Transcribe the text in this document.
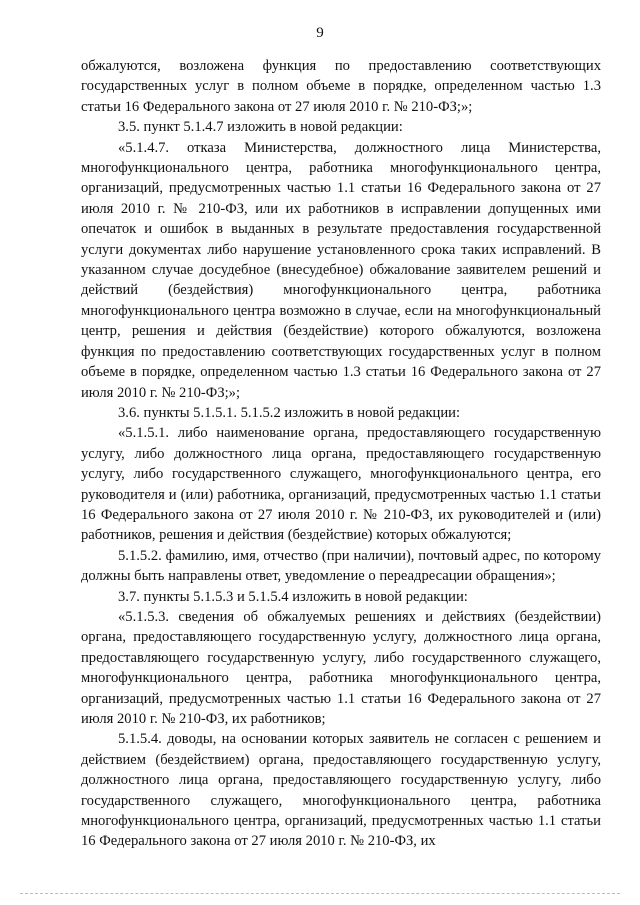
9

обжалуются, возложена функция по предоставлению соответствующих государственных услуг в полном объеме в порядке, определенном частью 1.3 статьи 16 Федерального закона от 27 июля 2010 г. № 210-ФЗ;»;

3.5. пункт 5.1.4.7 изложить в новой редакции:

«5.1.4.7. отказа Министерства, должностного лица Министерства, многофункционального центра, работника многофункционального центра, организаций, предусмотренных частью 1.1 статьи 16 Федерального закона от 27 июля 2010 г. № 210-ФЗ, или их работников в исправлении допущенных ими опечаток и ошибок в выданных в результате предоставления государственной услуги документах либо нарушение установленного срока таких исправлений. В указанном случае досудебное (внесудебное) обжалование заявителем решений и действий (бездействия) многофункционального центра, работника многофункционального центра возможно в случае, если на многофункциональный центр, решения и действия (бездействие) которого обжалуются, возложена функция по предоставлению соответствующих государственных услуг в полном объеме в порядке, определенном частью 1.3 статьи 16 Федерального закона от 27 июля 2010 г. № 210-ФЗ;»;

3.6. пункты 5.1.5.1. 5.1.5.2 изложить в новой редакции:

«5.1.5.1. либо наименование органа, предоставляющего государственную услугу, либо должностного лица органа, предоставляющего государственную услугу, либо государственного служащего, многофункционального центра, его руководителя и (или) работника, организаций, предусмотренных частью 1.1 статьи 16 Федерального закона от 27 июля 2010 г. № 210-ФЗ, их руководителей и (или) работников, решения и действия (бездействие) которых обжалуются;

5.1.5.2. фамилию, имя, отчество (при наличии), почтовый адрес, по которому должны быть направлены ответ, уведомление о переадресации обращения»;

3.7. пункты 5.1.5.3 и 5.1.5.4 изложить в новой редакции:

«5.1.5.3. сведения об обжалуемых решениях и действиях (бездействии) органа, предоставляющего государственную услугу, должностного лица органа, предоставляющего государственную услугу, либо государственного служащего, многофункционального центра, работника многофункционального центра, организаций, предусмотренных частью 1.1 статьи 16 Федерального закона от 27 июля 2010 г. № 210-ФЗ, их работников;

5.1.5.4. доводы, на основании которых заявитель не согласен с решением и действием (бездействием) органа, предоставляющего государственную услугу, должностного лица органа, предоставляющего государственную услугу, либо государственного служащего, многофункционального центра, работника многофункционального центра, организаций, предусмотренных частью 1.1 статьи 16 Федерального закона от 27 июля 2010 г. № 210-ФЗ, их
